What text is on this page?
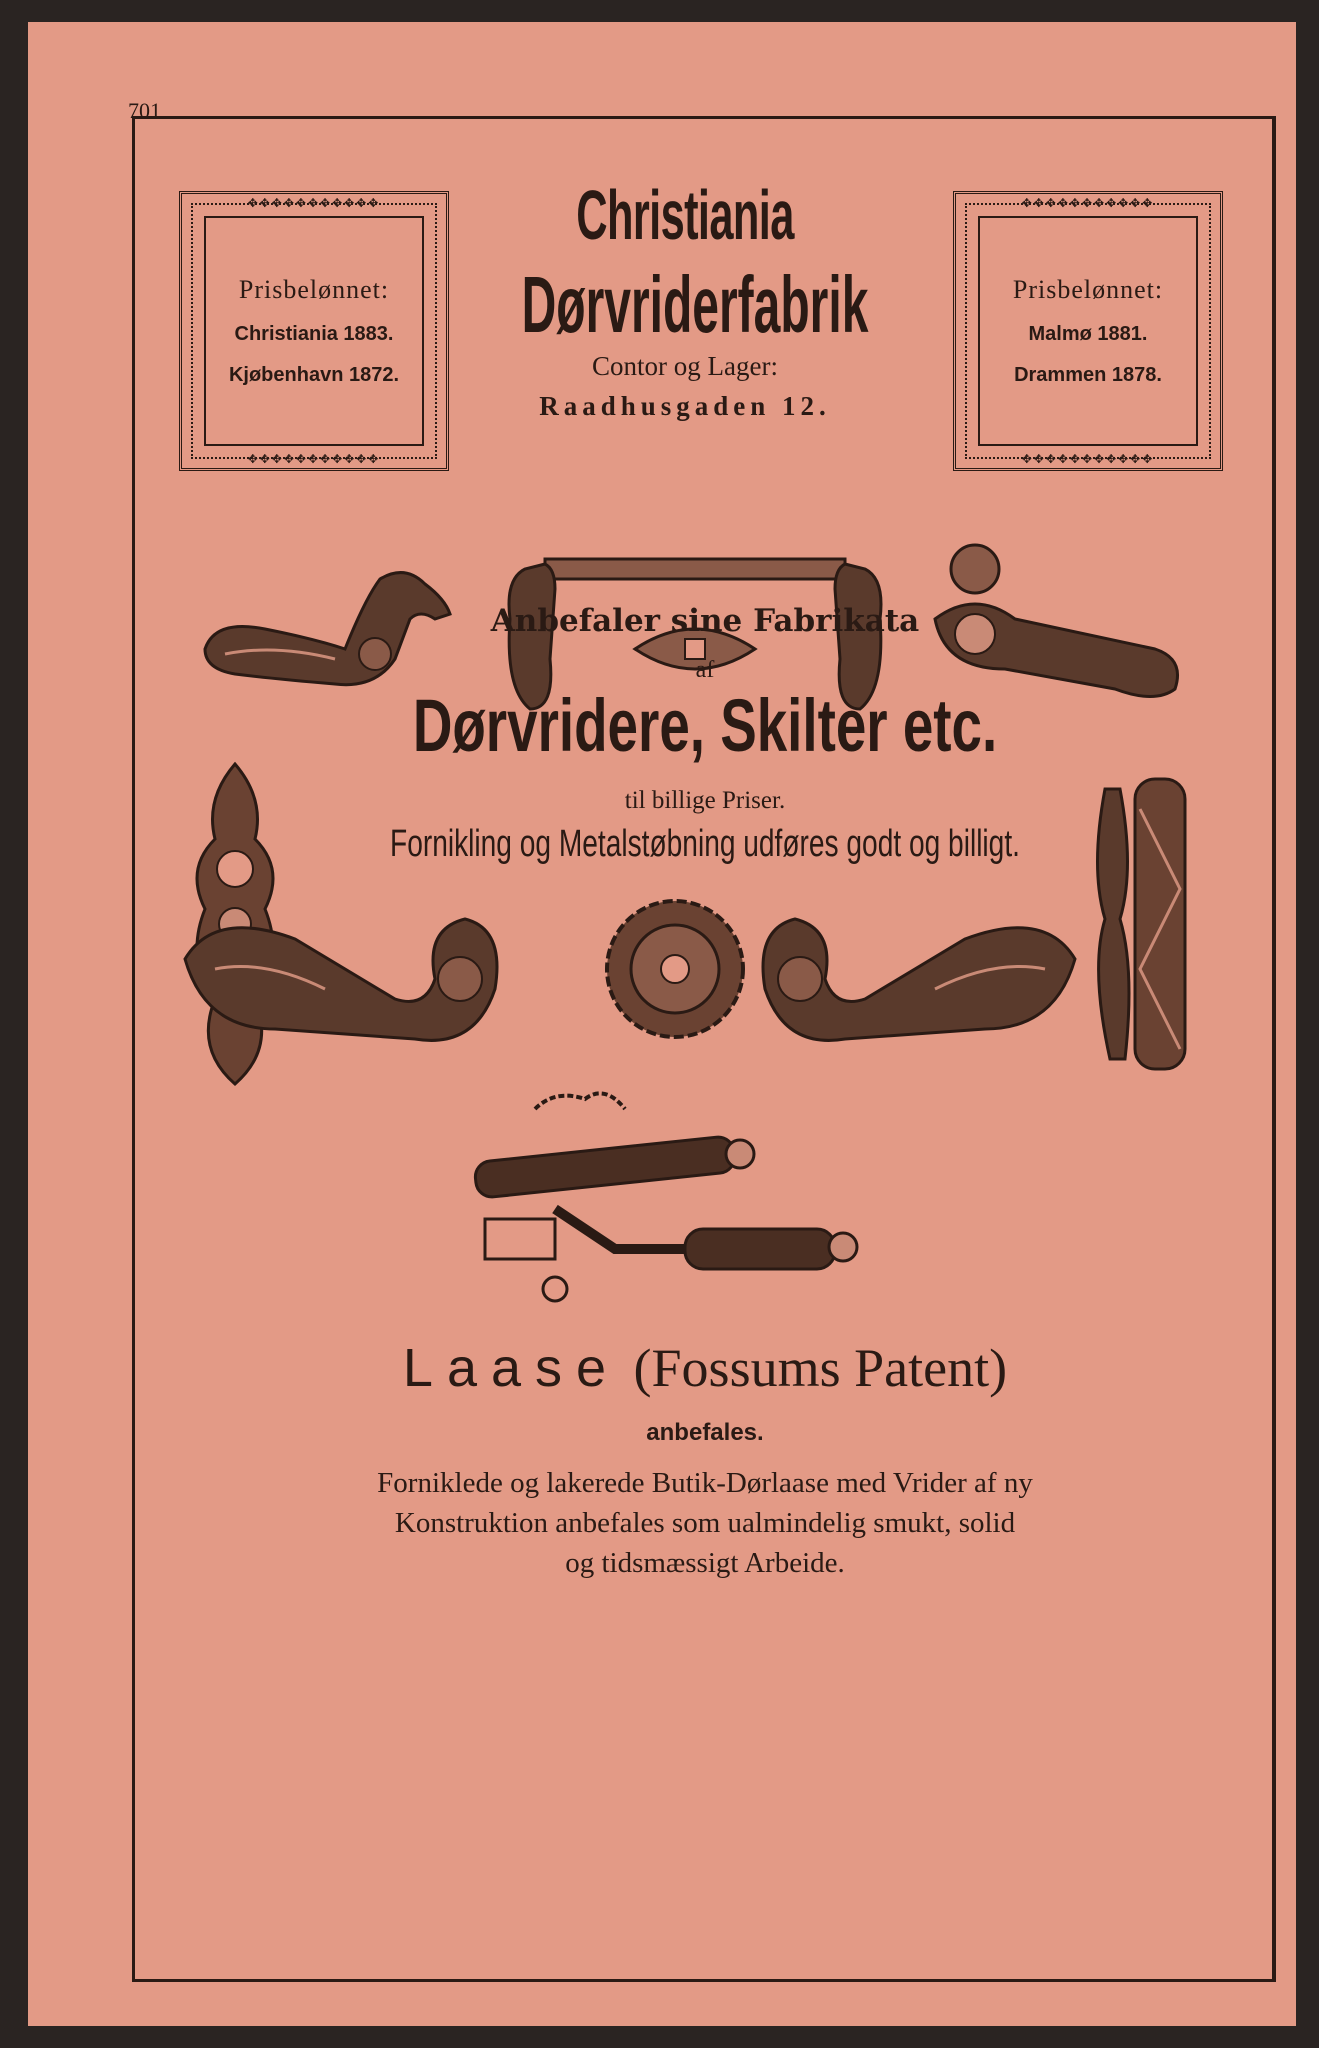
701
✥✥✥✥✥✥✥✥✥✥✥
Prisbelønnet:
Christiania 1883.
Kjøbenhavn 1872.
✥✥✥✥✥✥✥✥✥✥✥
Christiania
Dørvriderfabrik
Contor og Lager:
Raadhusgaden 12.
✥✥✥✥✥✥✥✥✥✥✥
Prisbelønnet:
Malmø 1881.
Drammen 1878.
✥✥✥✥✥✥✥✥✥✥✥
Anbefaler sine Fabrikata
af
Dørvridere, Skilter etc.
til billige Priser.
Fornikling og Metalstøbning udføres godt og billigt.
Laase (Fossums Patent)
anbefales.
Forniklede og lakerede Butik-Dørlaase med Vrider af ny
Konstruktion anbefales som ualmindelig smukt, solid
og tidsmæssigt Arbeide.
